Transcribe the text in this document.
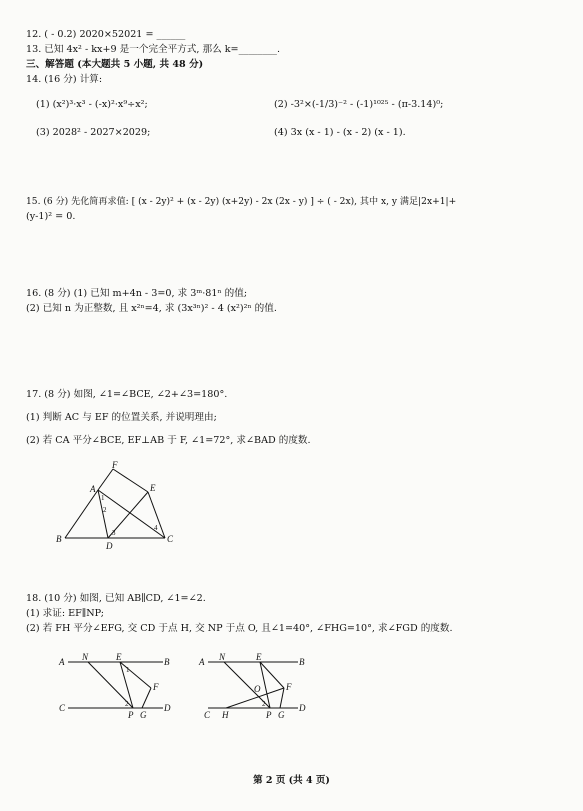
12. ( - 0.2) 2020×52021 = ______
13. 已知 4x² - kx+9 是一个完全平方式, 那么 k=________.
三、解答题 (本大题共 5 小题, 共 48 分)
14. (16 分) 计算:
(1) (x²)³·x³ - (-x)²·x⁹÷x²;	(2) -3²×(-1/3)⁻² - (-1)¹⁰²⁵ - (π-3.14)⁰;
(3) 2028² - 2027×2029;	(4) 3x (x - 1) - (x - 2) (x - 1).
15. (6 分) 先化简再求值: [ (x - 2y)² + (x - 2y) (x+2y) - 2x (2x - y) ] ÷ ( - 2x), 其中 x, y 满足|2x+1|+
(y-1)² = 0.
16. (8 分) (1) 已知 m+4n - 3=0, 求 3ᵐ·81ⁿ 的值;
(2) 已知 n 为正整数, 且 x²ⁿ=4, 求 (3x³ⁿ)² - 4 (x²)²ⁿ 的值.
17. (8 分) 如图, ∠1=∠BCE, ∠2+∠3=180°.
(1) 判断 AC 与 EF 的位置关系, 并说明理由;
(2) 若 CA 平分∠BCE, EF⊥AB 于 F, ∠1=72°, 求∠BAD 的度数.
F
A	E
B
D
C
1
2
3
4
18. (10 分) 如图, 已知 AB∥CD, ∠1=∠2.
(1) 求证: EF∥NP;
(2) 若 FH 平分∠EFG, 交 CD 于点 H, 交 NP 于点 O, 且∠1=40°, ∠FHG=10°, 求∠FGD 的度数.
A N	E	B
F
C
P G
D
1
2
A N	E	B
F
O
C H	P G
D
2
第 2 页 (共 4 页)
